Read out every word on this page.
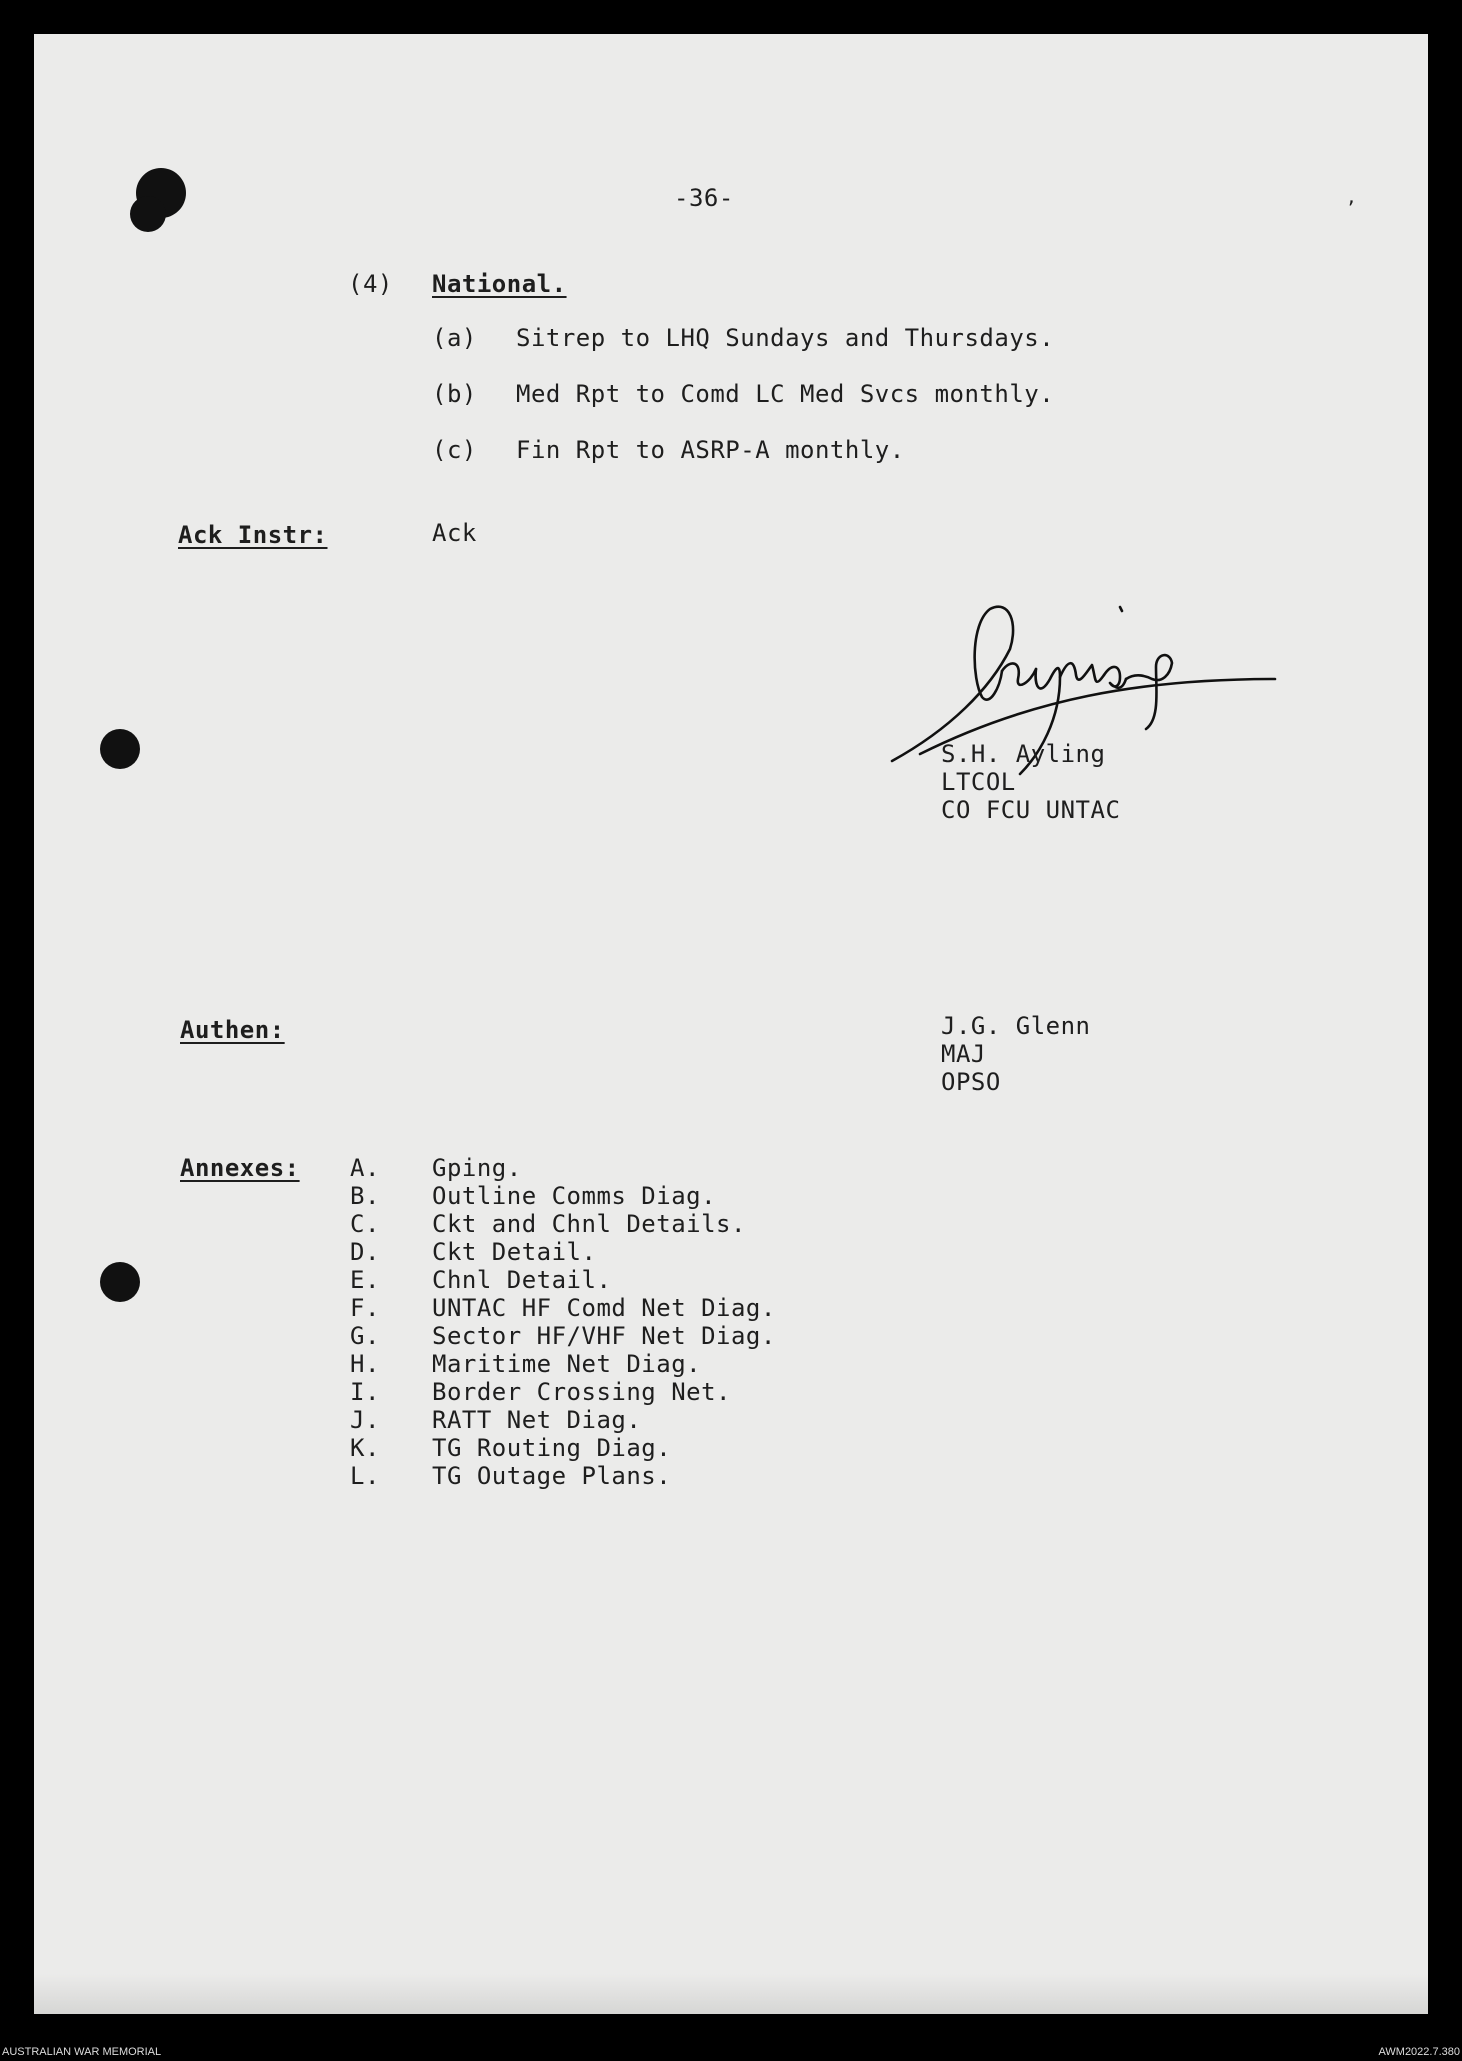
-36-	,
(4) National.
(a) Sitrep to LHQ Sundays and Thursdays.
(b) Med Rpt to Comd LC Med Svcs monthly.
(c) Fin Rpt to ASRP-A monthly.
Ack Instr:	Ack
S.H. Ayling
LTCOL
CO FCU UNTAC
Authen:	J.G. Glenn
MAJ
OPSO
Annexes: A. Gping.
B. Outline Comms Diag.
C. Ckt and Chnl Details.
D. Ckt Detail.
E. Chnl Detail.
F. UNTAC HF Comd Net Diag.
G. Sector HF/VHF Net Diag.
H. Maritime Net Diag.
I. Border Crossing Net.
J. RATT Net Diag.
K. TG Routing Diag.
L. TG Outage Plans.
AUSTRALIAN WAR MEMORIAL	AWM2022.7.380
